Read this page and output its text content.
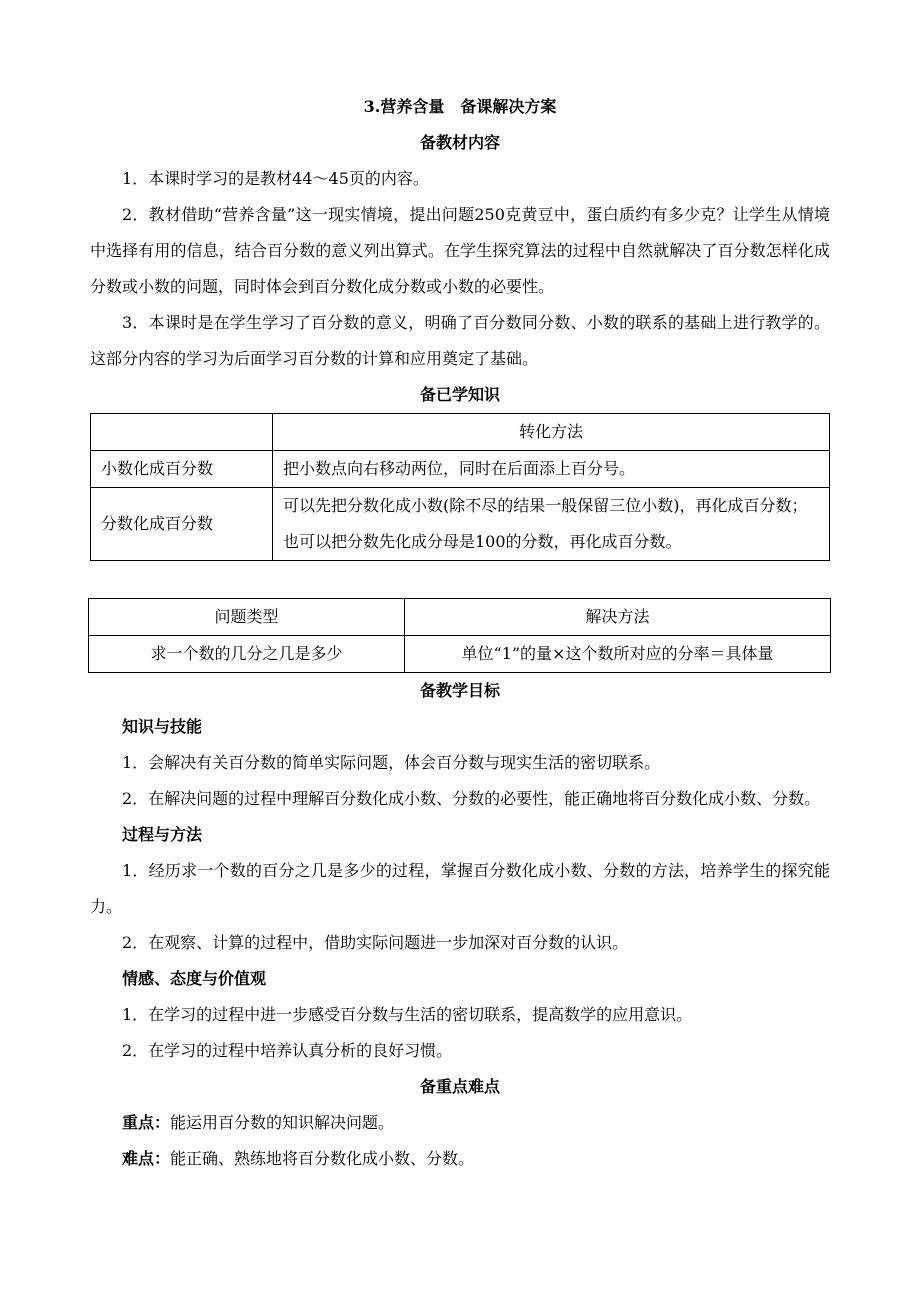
3.营养含量　备课解决方案

备教材内容

1．本课时学习的是教材44～45页的内容。

2．教材借助“营养含量”这一现实情境，提出问题250克黄豆中，蛋白质约有多少克？让学生从情境中选择有用的信息，结合百分数的意义列出算式。在学生探究算法的过程中自然就解决了百分数怎样化成分数或小数的问题，同时体会到百分数化成分数或小数的必要性。

3．本课时是在学生学习了百分数的意义，明确了百分数同分数、小数的联系的基础上进行教学的。这部分内容的学习为后面学习百分数的计算和应用奠定了基础。

备已学知识

	转化方法
小数化成百分数	把小数点向右移动两位，同时在后面添上百分号。
分数化成百分数	可以先把分数化成小数(除不尽的结果一般保留三位小数)，再化成百分数；也可以把分数先化成分母是100的分数，再化成百分数。
问题类型	解决方法
求一个数的几分之几是多少	单位“1”的量×这个数所对应的分率＝具体量

备教学目标

知识与技能

1．会解决有关百分数的简单实际问题，体会百分数与现实生活的密切联系。

2．在解决问题的过程中理解百分数化成小数、分数的必要性，能正确地将百分数化成小数、分数。

过程与方法

1．经历求一个数的百分之几是多少的过程，掌握百分数化成小数、分数的方法，培养学生的探究能力。

2．在观察、计算的过程中，借助实际问题进一步加深对百分数的认识。

情感、态度与价值观

1．在学习的过程中进一步感受百分数与生活的密切联系，提高数学的应用意识。

2．在学习的过程中培养认真分析的良好习惯。

备重点难点

重点：能运用百分数的知识解决问题。

难点：能正确、熟练地将百分数化成小数、分数。
